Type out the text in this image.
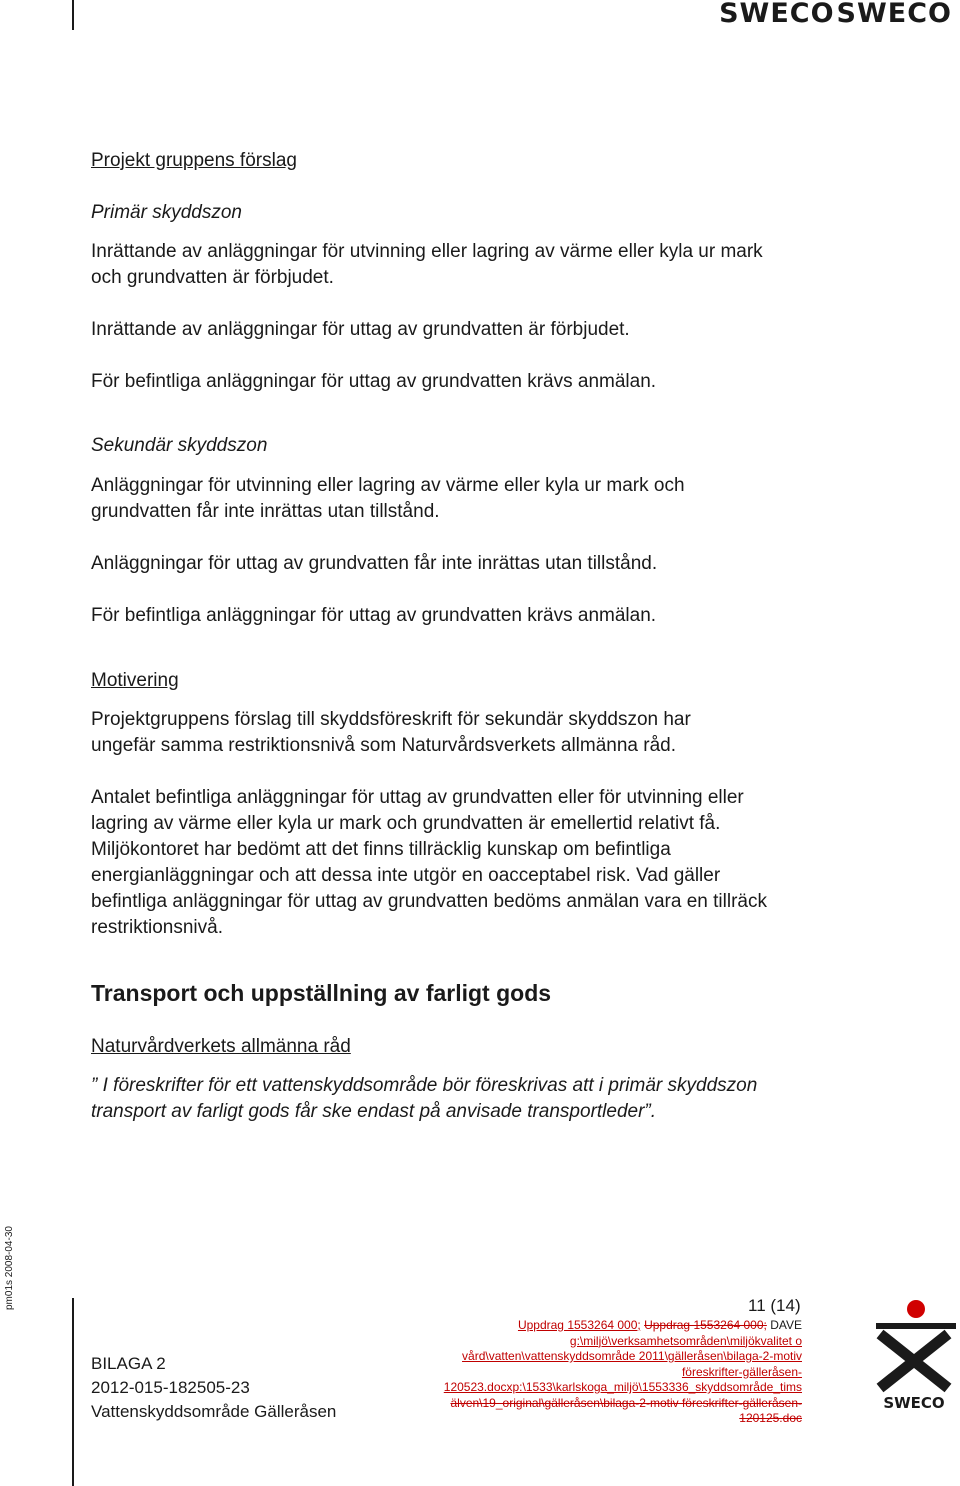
SWECO SWECO
Projekt gruppens förslag
Primär skyddszon
Inrättande av anläggningar för utvinning eller lagring av värme eller kyla ur mark och grundvatten är förbjudet.
Inrättande av anläggningar för uttag av grundvatten är förbjudet.
För befintliga anläggningar för uttag av grundvatten krävs anmälan.
Sekundär skyddszon
Anläggningar för utvinning eller lagring av värme eller kyla ur mark och grundvatten får inte inrättas utan tillstånd.
Anläggningar för uttag av grundvatten får inte inrättas utan tillstånd.
För befintliga anläggningar för uttag av grundvatten krävs anmälan.
Motivering
Projektgruppens förslag till skyddsföreskrift för sekundär skyddszon har ungefär samma restriktionsnivå som Naturvårdsverkets allmänna råd.
Antalet befintliga anläggningar för uttag av grundvatten eller för utvinning eller lagring av värme eller kyla ur mark och grundvatten är emellertid relativt få. Miljökontoret har bedömt att det finns tillräcklig kunskap om befintliga energianläggningar och att dessa inte utgör en oacceptabel risk. Vad gäller befintliga anläggningar för uttag av grundvatten bedöms anmälan vara en tillräck restriktionsnivå.
Transport och uppställning av farligt gods
Naturvårdverkets allmänna råd
” I föreskrifter för ett vattenskyddsområde bör föreskrivas att i primär skyddszon transport av farligt gods får ske endast på anvisade transportleder”.
pm01s 2008-04-30
11 (14)
BILAGA 2
2012-015-182505-23
Vattenskyddsområde Gälleråsen
Uppdrag 1553264 000; Uppdrag 1553264 000; DAVE
g:\miljö\verksamhetsområden\miljökvalitet o
vård\vatten\vattenskyddsområde 2011\gälleråsen\bilaga-2-motiv
föreskrifter-gälleråsen-
120523.docxp:\1533\karlskoga_miljö\1553336_skyddsområde_tims
älven\19_original\gälleråsen\bilaga-2-motiv föreskrifter-gälleråsen-
120125.doc
SWECO
